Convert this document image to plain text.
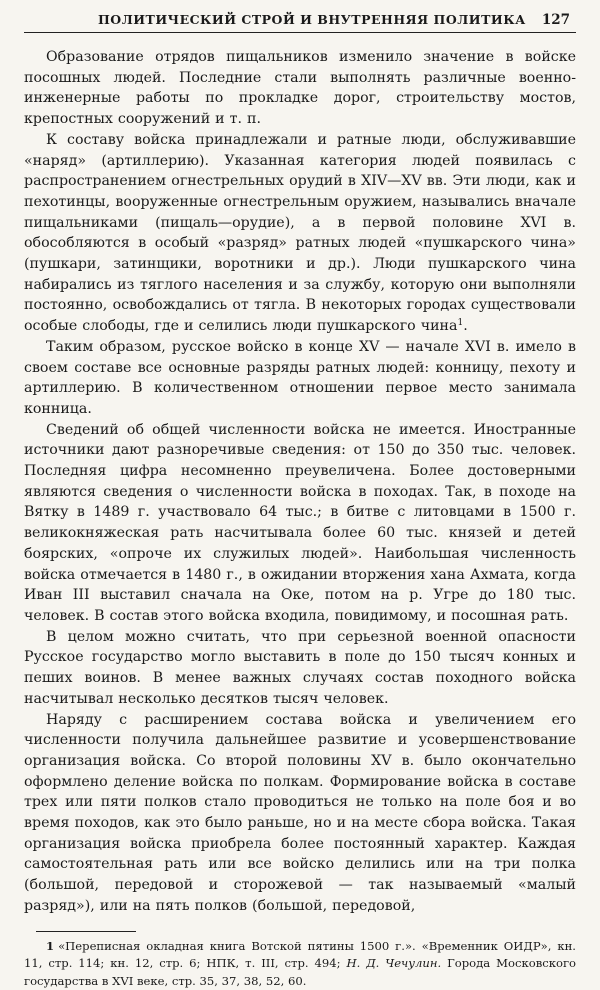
ПОЛИТИЧЕСКИЙ СТРОЙ И ВНУТРЕННЯЯ ПОЛИТИКА 127

Образование отрядов пищальников изменило значение в войске посошных людей. Последние стали выполнять различные военно-инженерные работы по прокладке дорог, строительству мостов, крепостных сооружений и т. п.

К составу войска принадлежали и ратные люди, обслуживавшие «наряд» (артиллерию). Указанная категория людей появилась с распространением огнестрельных орудий в XIV—XV вв. Эти люди, как и пехотинцы, вооруженные огнестрельным оружием, назывались вначале пищальниками (пищаль—орудие), а в первой половине XVI в. обособляются в особый «разряд» ратных людей «пушкарского чина» (пушкари, затинщики, воротники и др.). Люди пушкарского чина набирались из тяглого населения и за службу, которую они выполняли постоянно, освобождались от тягла. В некоторых городах существовали особые слободы, где и селились люди пушкарского чина$^1$.

Таким образом, русское войско в конце XV — начале XVI в. имело в своем составе все основные разряды ратных людей: конницу, пехоту и артиллерию. В количественном отношении первое место занимала конница.

Сведений об общей численности войска не имеется. Иностранные источники дают разноречивые сведения: от 150 до 350 тыс. человек. Последняя цифра несомненно преувеличена. Более достоверными являются сведения о численности войска в походах. Так, в походе на Вятку в 1489 г. участвовало 64 тыс.; в битве с литовцами в 1500 г. великокняжеская рать насчитывала более 60 тыс. князей и детей боярских, «опроче их служилых людей». Наибольшая численность войска отмечается в 1480 г., в ожидании вторжения хана Ахмата, когда Иван III выставил сначала на Оке, потом на р. Угре до 180 тыс. человек. В состав этого войска входила, повидимому, и посошная рать.

В целом можно считать, что при серьезной военной опасности Русское государство могло выставить в поле до 150 тысяч конных и пеших воинов. В менее важных случаях состав походного войска насчитывал несколько десятков тысяч человек.

Наряду с расширением состава войска и увеличением его численности получила дальнейшее развитие и усовершенствование организация войска. Со второй половины XV в. было окончательно оформлено деление войска по полкам. Формирование войска в составе трех или пяти полков стало проводиться не только на поле боя и во время походов, как это было раньше, но и на месте сбора войска. Такая организация войска приобрела более постоянный характер. Каждая самостоятельная рать или все войско делились или на три полка (большой, передовой и сторожевой — так называемый «малый разряд»), или на пять полков (большой, передовой,

1 «Переписная окладная книга Вотской пятины 1500 г.». «Временник ОИДР», кн. 11, стр. 114; кн. 12, стр. 6; НПК, т. III, стр. 494; Н. Д. Чечулин. Города Московского государства в XVI веке, стр. 35, 37, 38, 52, 60.
